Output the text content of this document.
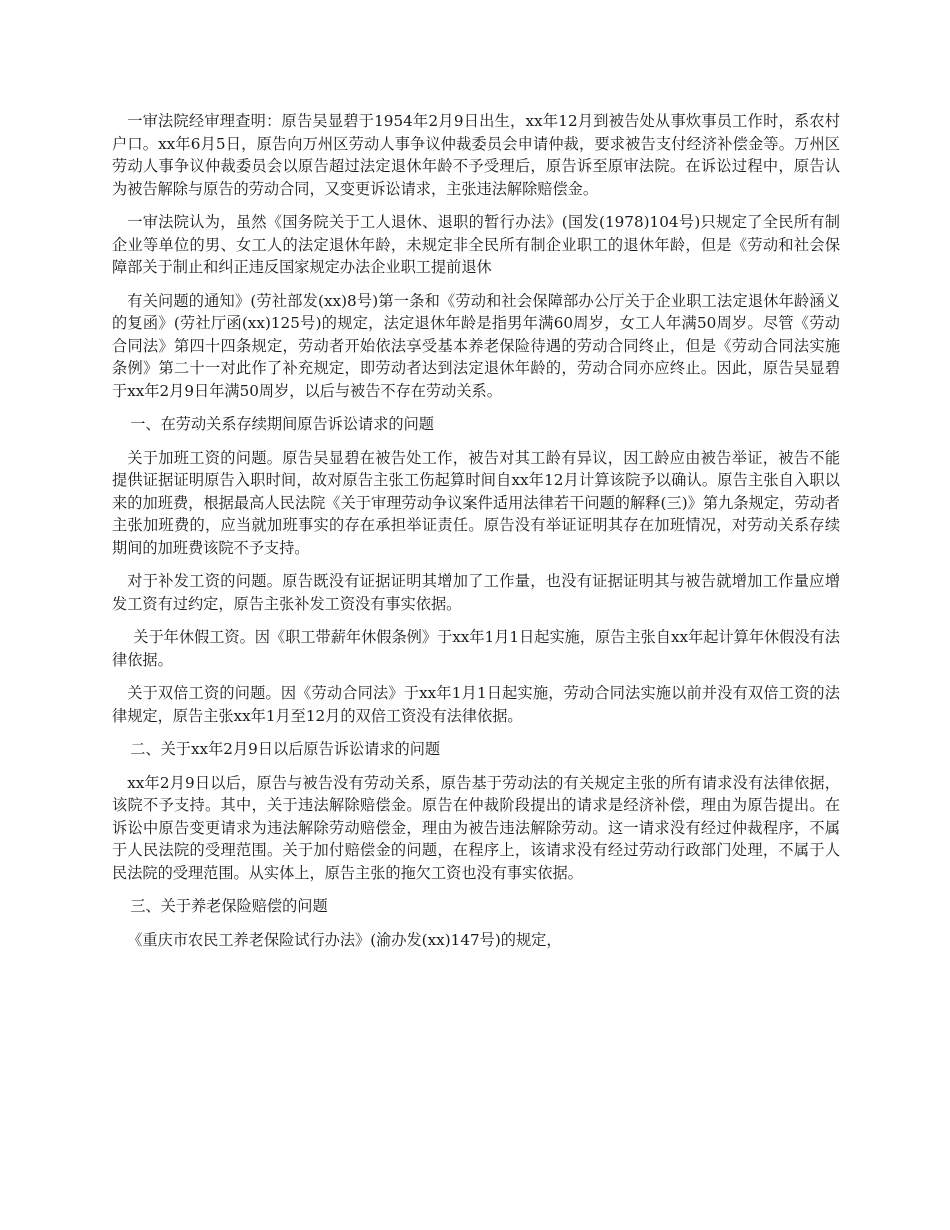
一审法院经审理查明：原告吴显碧于1954年2月9日出生，xx年12月到被告处从事炊事员工作时，系农村户口。xx年6月5日，原告向万州区劳动人事争议仲裁委员会申请仲裁，要求被告支付经济补偿金等。万州区劳动人事争议仲裁委员会以原告超过法定退休年龄不予受理后，原告诉至原审法院。在诉讼过程中，原告认为被告解除与原告的劳动合同，又变更诉讼请求，主张违法解除赔偿金。

一审法院认为，虽然《国务院关于工人退休、退职的暂行办法》(国发(1978)104号)只规定了全民所有制企业等单位的男、女工人的法定退休年龄，未规定非全民所有制企业职工的退休年龄，但是《劳动和社会保障部关于制止和纠正违反国家规定办法企业职工提前退休

有关问题的通知》(劳社部发(xx)8号)第一条和《劳动和社会保障部办公厅关于企业职工法定退休年龄涵义的复函》(劳社厅函(xx)125号)的规定，法定退休年龄是指男年满60周岁，女工人年满50周岁。尽管《劳动合同法》第四十四条规定，劳动者开始依法享受基本养老保险待遇的劳动合同终止，但是《劳动合同法实施条例》第二十一对此作了补充规定，即劳动者达到法定退休年龄的，劳动合同亦应终止。因此，原告吴显碧于xx年2月9日年满50周岁，以后与被告不存在劳动关系。

一、在劳动关系存续期间原告诉讼请求的问题

关于加班工资的问题。原告吴显碧在被告处工作，被告对其工龄有异议，因工龄应由被告举证，被告不能提供证据证明原告入职时间，故对原告主张工伤起算时间自xx年12月计算该院予以确认。原告主张自入职以来的加班费，根据最高人民法院《关于审理劳动争议案件适用法律若干问题的解释(三)》第九条规定，劳动者主张加班费的，应当就加班事实的存在承担举证责任。原告没有举证证明其存在加班情况，对劳动关系存续期间的加班费该院不予支持。

对于补发工资的问题。原告既没有证据证明其增加了工作量，也没有证据证明其与被告就增加工作量应增发工资有过约定，原告主张补发工资没有事实依据。

关于年休假工资。因《职工带薪年休假条例》于xx年1月1日起实施，原告主张自xx年起计算年休假没有法律依据。

关于双倍工资的问题。因《劳动合同法》于xx年1月1日起实施，劳动合同法实施以前并没有双倍工资的法律规定，原告主张xx年1月至12月的双倍工资没有法律依据。

二、关于xx年2月9日以后原告诉讼请求的问题

xx年2月9日以后，原告与被告没有劳动关系，原告基于劳动法的有关规定主张的所有请求没有法律依据，该院不予支持。其中，关于违法解除赔偿金。原告在仲裁阶段提出的请求是经济补偿，理由为原告提出。在诉讼中原告变更请求为违法解除劳动赔偿金，理由为被告违法解除劳动。这一请求没有经过仲裁程序，不属于人民法院的受理范围。关于加付赔偿金的问题，在程序上，该请求没有经过劳动行政部门处理，不属于人民法院的受理范围。从实体上，原告主张的拖欠工资也没有事实依据。

三、关于养老保险赔偿的问题

《重庆市农民工养老保险试行办法》(渝办发(xx)147号)的规定，
